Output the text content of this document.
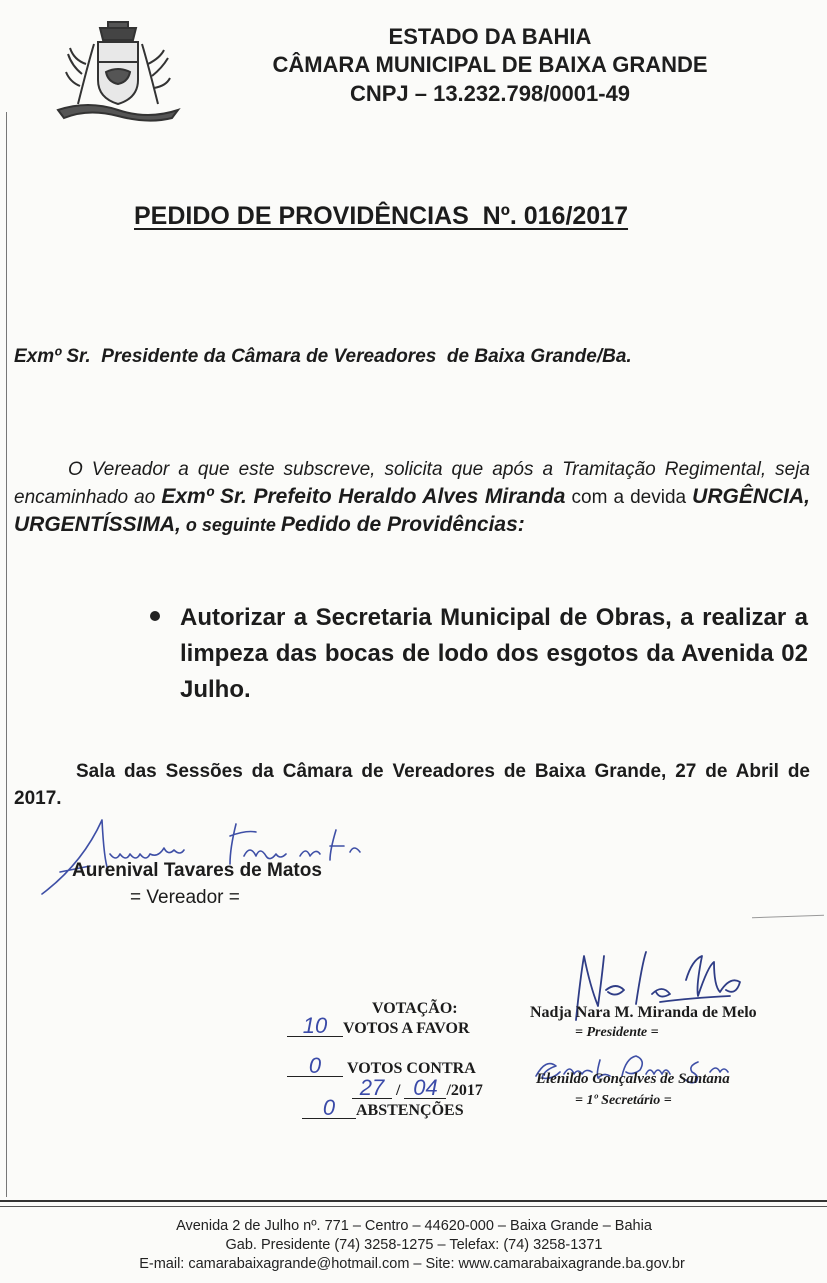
ESTADO DA BAHIA
CÂMARA MUNICIPAL DE BAIXA GRANDE
CNPJ – 13.232.798/0001-49
PEDIDO DE PROVIDÊNCIAS  Nº. 016/2017
Exmº Sr.  Presidente da Câmara de Vereadores  de Baixa Grande/Ba.
O Vereador a que este subscreve, solicita que após a Tramitação Regimental, seja encaminhado ao Exmº Sr. Prefeito Heraldo Alves Miranda com a devida URGÊNCIA, URGENTÍSSIMA, o seguinte Pedido de Providências:
Autorizar a Secretaria Municipal de Obras, a realizar a limpeza das bocas de lodo dos esgotos da Avenida 02 Julho.
Sala das Sessões da Câmara de Vereadores de Baixa Grande, 27 de Abril de 2017.
Aurenival Tavares de Matos
= Vereador =
VOTAÇÃO:
10 VOTOS A FAVOR
0 VOTOS CONTRA
27 / 04 /2017
0 ABSTENÇÕES
Nadja Nara M. Miranda de Melo
= Presidente =
Elenildo Gonçalves de Santana
= 1º Secretário =
Avenida 2 de Julho nº. 771 – Centro – 44620-000 – Baixa Grande – Bahia
Gab. Presidente (74) 3258-1275 – Telefax: (74) 3258-1371
E-mail: camarabaixagrande@hotmail.com – Site: www.camarabaixagrande.ba.gov.br
